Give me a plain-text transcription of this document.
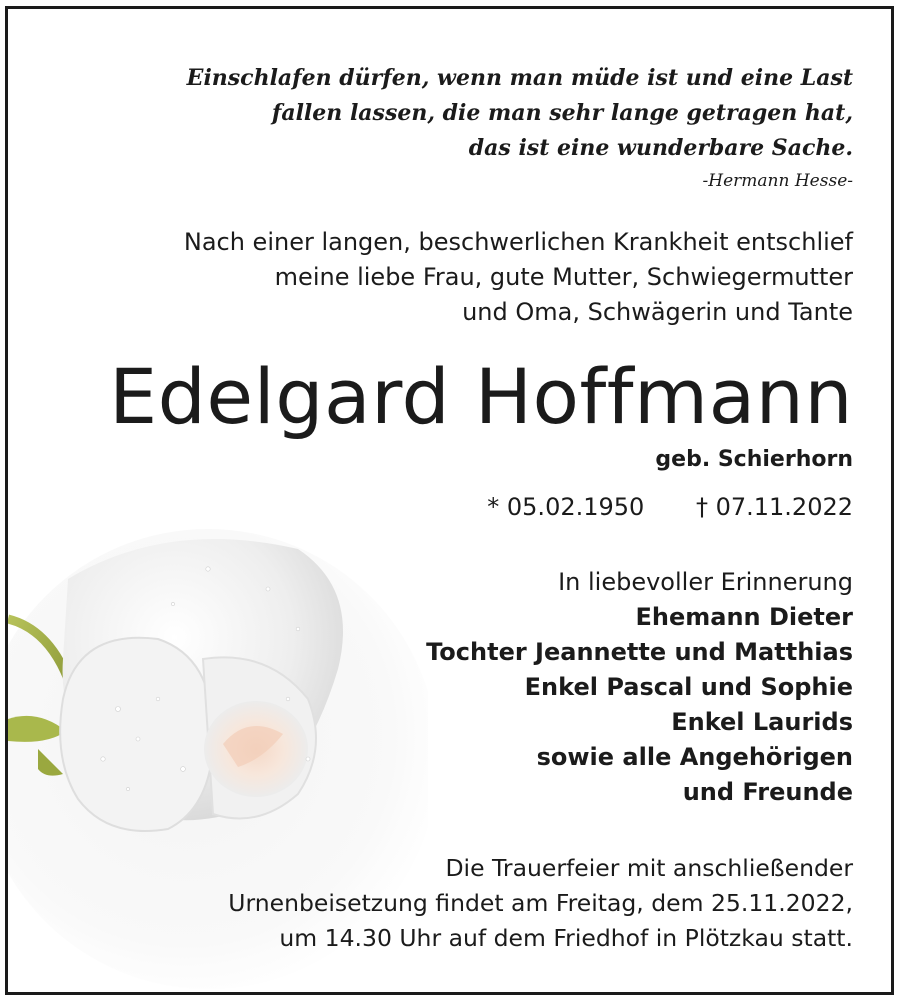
Einschlafen dürfen, wenn man müde ist und eine Last
fallen lassen, die man sehr lange getragen hat,
das ist eine wunderbare Sache.
-Hermann Hesse-
Nach einer langen, beschwerlichen Krankheit entschlief
meine liebe Frau, gute Mutter, Schwiegermutter
und Oma, Schwägerin und Tante
Edelgard Hoffmann
geb. Schierhorn
* 05.02.1950 † 07.11.2022
In liebevoller Erinnerung
Ehemann Dieter
Tochter Jeannette und Matthias
Enkel Pascal und Sophie
Enkel Laurids
sowie alle Angehörigen
und Freunde
Die Trauerfeier mit anschließender
Urnenbeisetzung findet am Freitag, dem 25.11.2022,
um 14.30 Uhr auf dem Friedhof in Plötzkau statt.
